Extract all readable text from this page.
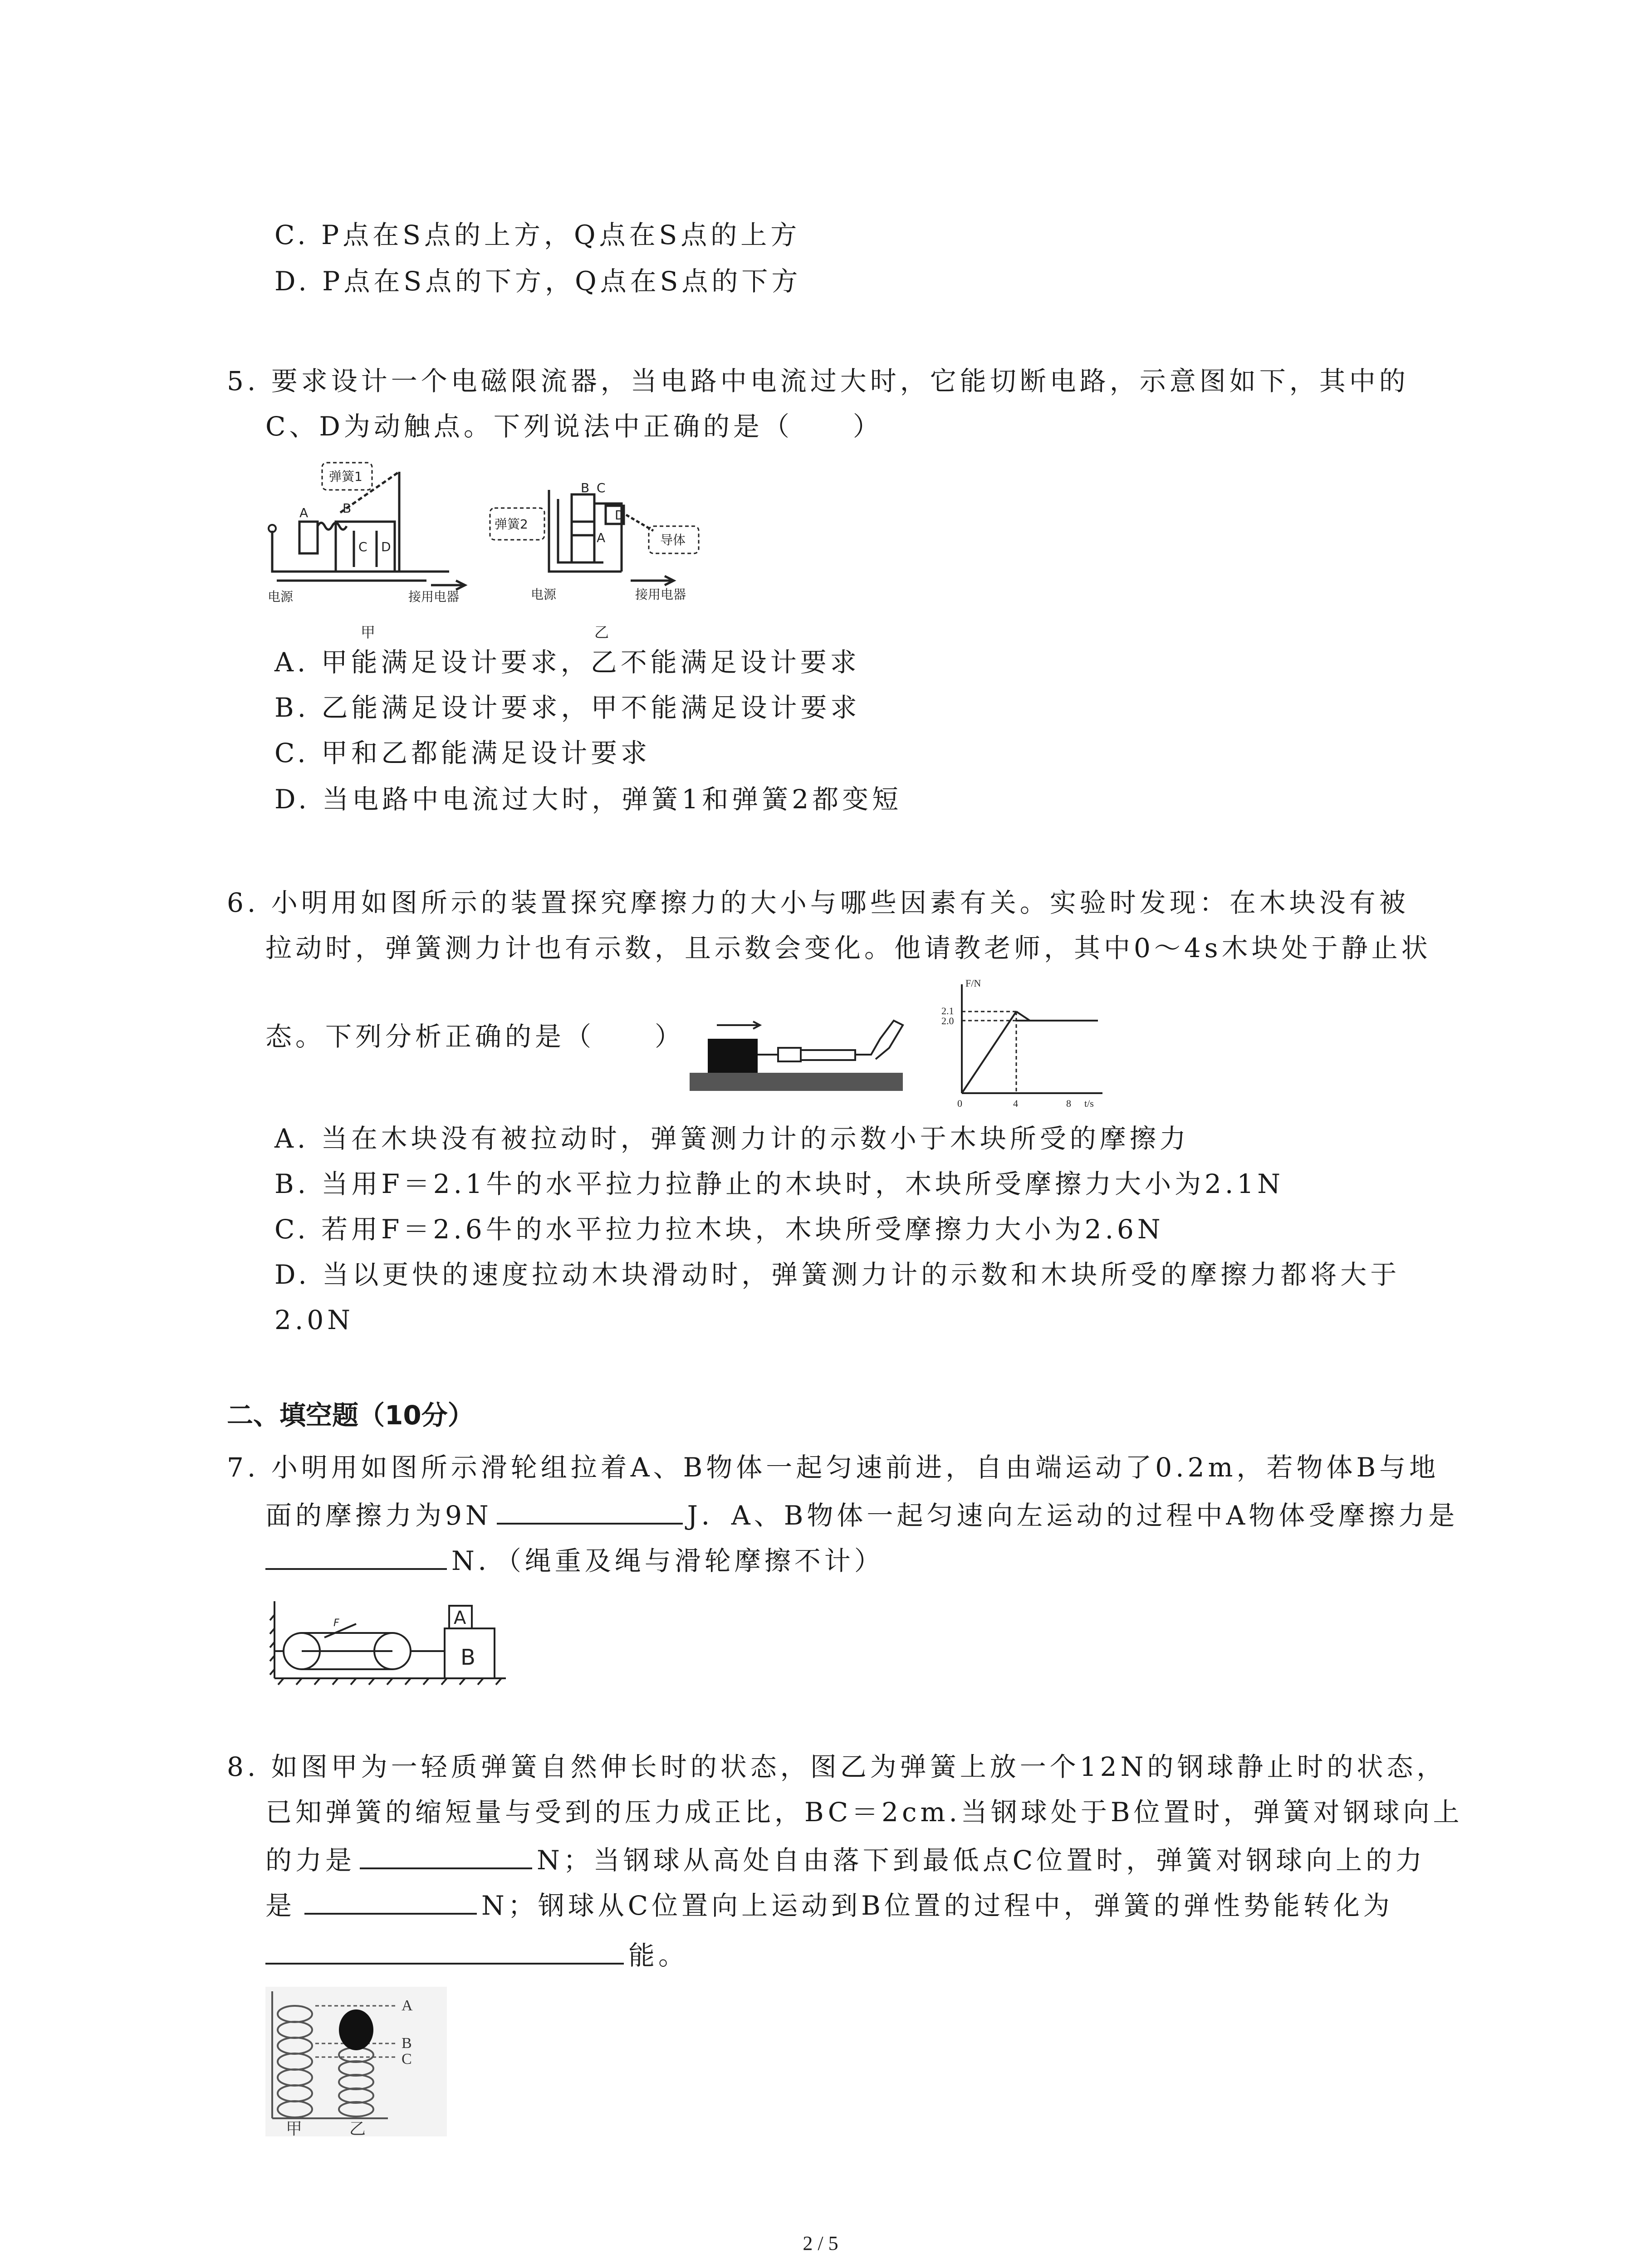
C. P点在S点的上方，Q点在S点的上方
D. P点在S点的下方，Q点在S点的下方
5. 要求设计一个电磁限流器，当电路中电流过大时，它能切断电路，示意图如下，其中的
C、D为动触点。下列说法中正确的是（　　）
弹簧1
A	B
C D
电源	接用电器
甲
弹簧2
B C
D
A	导体
电源	接用电器
乙
A. 甲能满足设计要求，乙不能满足设计要求
B. 乙能满足设计要求，甲不能满足设计要求
C. 甲和乙都能满足设计要求
D. 当电路中电流过大时，弹簧1和弹簧2都变短
6. 小明用如图所示的装置探究摩擦力的大小与哪些因素有关。实验时发现：在木块没有被
拉动时，弹簧测力计也有示数，且示数会变化。他请教老师，其中0～4s木块处于静止状
态。下列分析正确的是（　　）
F/N
2.1
2.0
0	4	8 t/s
A. 当在木块没有被拉动时，弹簧测力计的示数小于木块所受的摩擦力
B. 当用F＝2.1牛的水平拉力拉静止的木块时，木块所受摩擦力大小为2.1N
C. 若用F＝2.6牛的水平拉力拉木块，木块所受摩擦力大小为2.6N
D. 当以更快的速度拉动木块滑动时，弹簧测力计的示数和木块所受的摩擦力都将大于
2.0N
二、填空题（10分）
7. 小明用如图所示滑轮组拉着A、B物体一起匀速前进，自由端运动了0.2m，若物体B与地
面的摩擦力为9N	J．A、B物体一起匀速向左运动的过程中A物体受摩擦力是
N．（绳重及绳与滑轮摩擦不计）
A
B
F
8. 如图甲为一轻质弹簧自然伸长时的状态，图乙为弹簧上放一个12N的钢球静止时的状态，
已知弹簧的缩短量与受到的压力成正比，BC＝2cm.当钢球处于B位置时，弹簧对钢球向上
的力是	N；当钢球从高处自由落下到最低点C位置时，弹簧对钢球向上的力
是	N；钢球从C位置向上运动到B位置的过程中，弹簧的弹性势能转化为
能。
A
B
C
甲	乙
2 / 5
